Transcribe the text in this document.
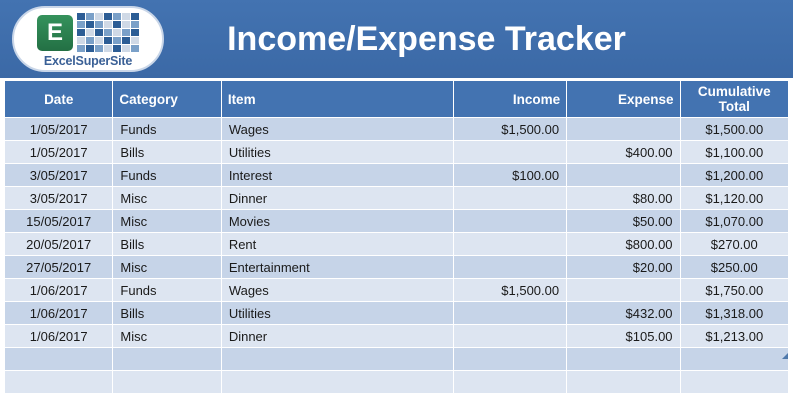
E
ExcelSuperSite
Income/Expense Tracker
Date	Category	Item	Income	Expense	Cumulative Total
1/05/2017	Funds	Wages	$1,500.00		$1,500.00
1/05/2017	Bills	Utilities		$400.00	$1,100.00
3/05/2017	Funds	Interest	$100.00		$1,200.00
3/05/2017	Misc	Dinner		$80.00	$1,120.00
15/05/2017	Misc	Movies		$50.00	$1,070.00
20/05/2017	Bills	Rent		$800.00	$270.00
27/05/2017	Misc	Entertainment		$20.00	$250.00
1/06/2017	Funds	Wages	$1,500.00		$1,750.00
1/06/2017	Bills	Utilities		$432.00	$1,318.00
1/06/2017	Misc	Dinner		$105.00	$1,213.00
